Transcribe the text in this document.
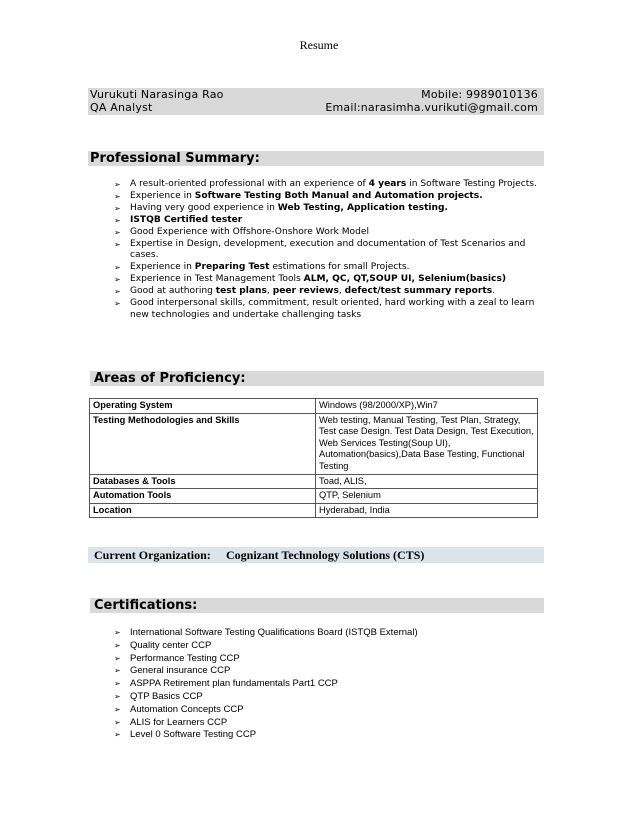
Resume
Vurukuti Narasinga Rao	Mobile: 9989010136
QA Analyst	Email:narasimha.vurikuti@gmail.com
Professional Summary:
➢ A result-oriented professional with an experience of 4 years in Software Testing Projects.
➢ Experience in Software Testing Both Manual and Automation projects.
➢ Having very good experience in Web Testing, Application testing.
➢ ISTQB Certified tester
➢ Good Experience with Offshore-Onshore Work Model
➢ Expertise in Design, development, execution and documentation of Test Scenarios and cases.
➢ Experience in Preparing Test estimations for small Projects.
➢ Experience in Test Management Tools ALM, QC, QT,SOUP UI, Selenium(basics)
➢ Good at authoring test plans, peer reviews, defect/test summary reports.
➢ Good interpersonal skills, commitment, result oriented, hard working with a zeal to learn new technologies and undertake challenging tasks
Areas of Proficiency:
Operating System	Windows (98/2000/XP),Win7
Testing Methodologies and Skills	Web testing, Manual Testing, Test Plan, Strategy, Test case Design. Test Data Design, Test Execution, Web Services Testing(Soup UI), Automation(basics),Data Base Testing, Functional Testing
Databases & Tools	Toad, ALIS,
Automation Tools	QTP, Selenium
Location	Hyderabad, India
Current Organization: Cognizant Technology Solutions (CTS)
Certifications:
➢ International Software Testing Qualifications Board (ISTQB External)
➢ Quality center CCP
➢ Performance Testing CCP
➢ General insurance CCP
➢ ASPPA Retirement plan fundamentals Part1 CCP
➢ QTP Basics CCP
➢ Automation Concepts CCP
➢ ALIS for Learners CCP
➢ Level 0 Software Testing CCP
